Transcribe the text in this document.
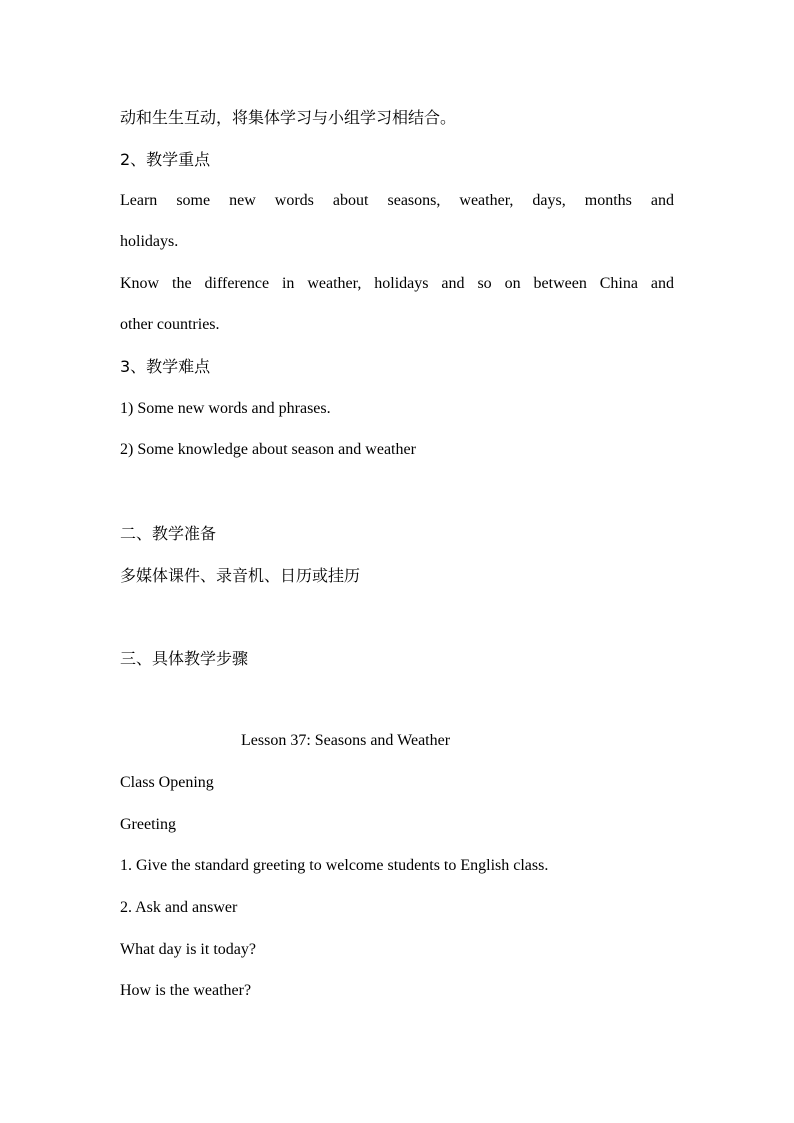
动和生生互动，将集体学习与小组学习相结合。
2、教学重点
Learn some new words about seasons, weather, days, months and
holidays.
Know the difference in weather, holidays and so on between China and
other countries.
3、教学难点
1) Some new words and phrases.
2) Some knowledge about season and weather
二、教学准备
多媒体课件、录音机、日历或挂历
三、具体教学步骤
Lesson 37: Seasons and Weather
Class Opening
Greeting
1. Give the standard greeting to welcome students to English class.
2. Ask and answer
What day is it today?
How is the weather?
